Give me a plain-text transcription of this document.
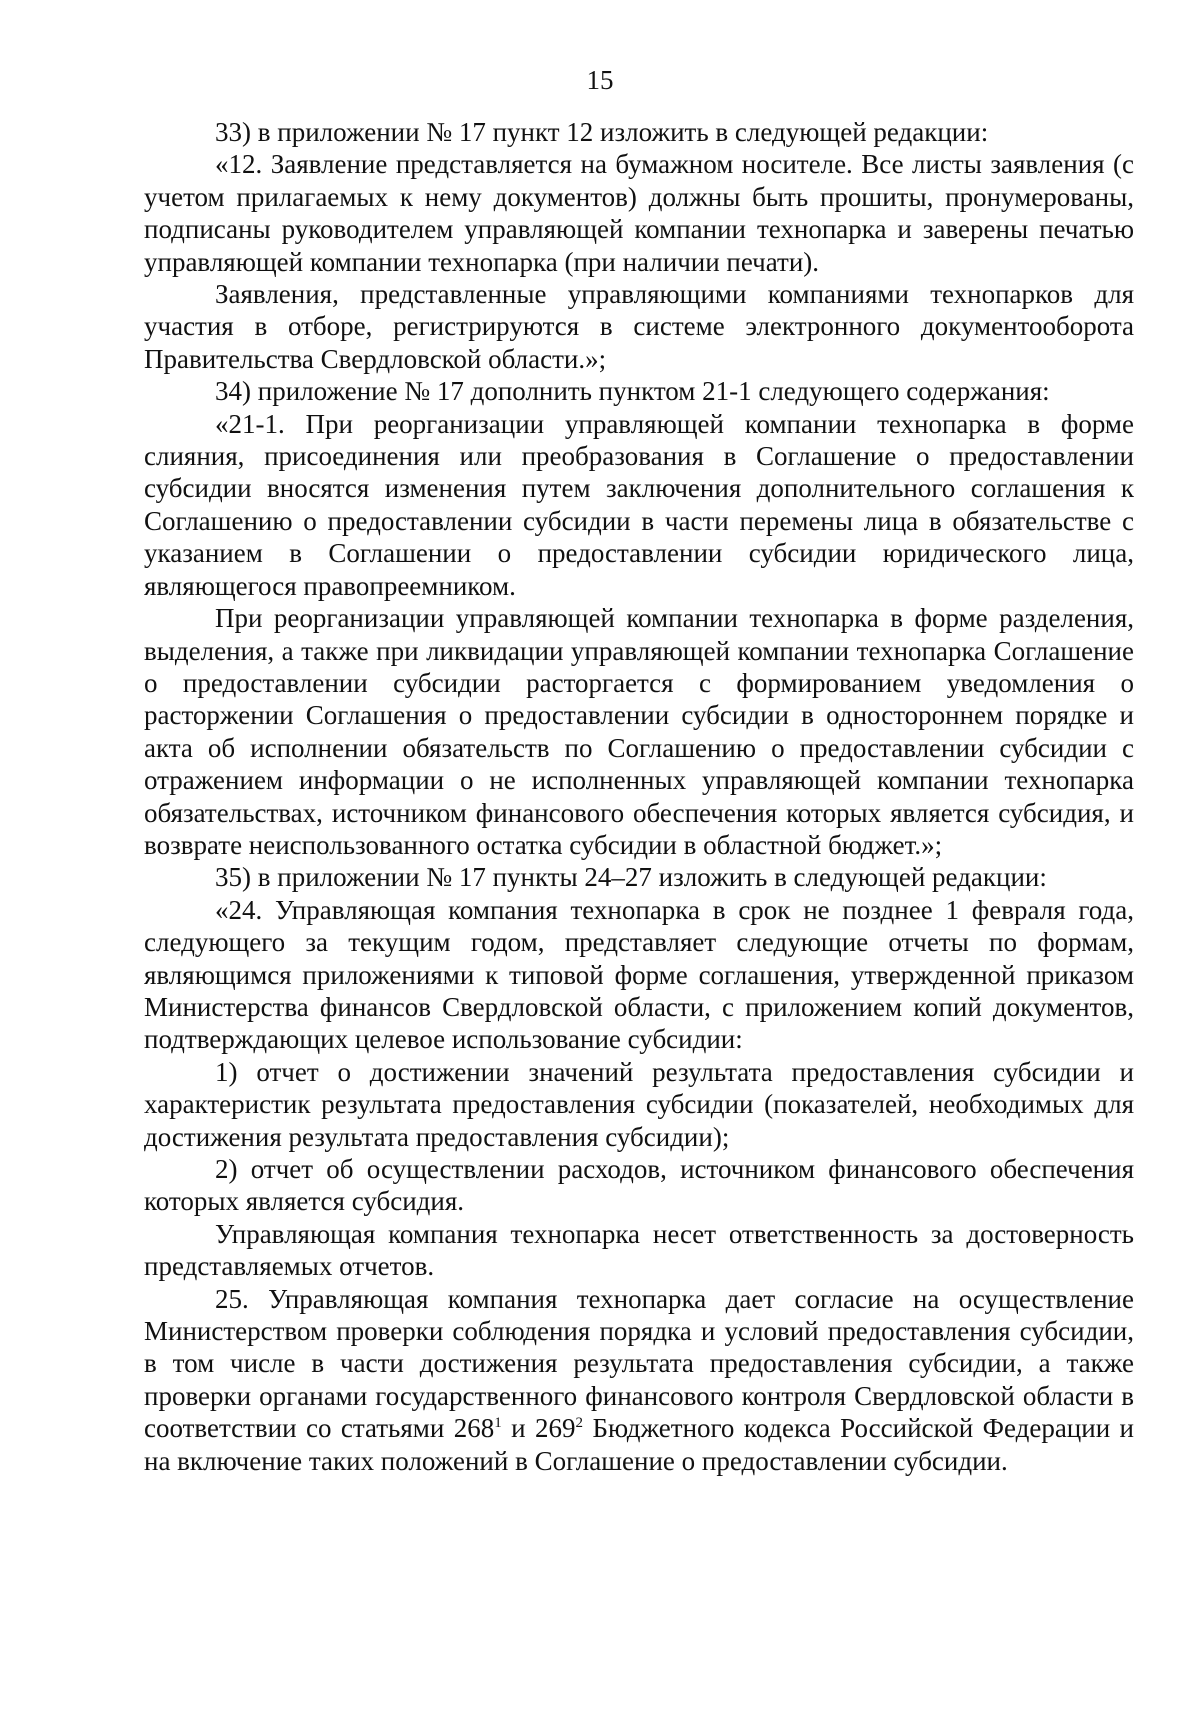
15

33) в приложении № 17 пункт 12 изложить в следующей редакции:

«12. Заявление представляется на бумажном носителе. Все листы заявления (с учетом прилагаемых к нему документов) должны быть прошиты, пронумерованы, подписаны руководителем управляющей компании технопарка и заверены печатью управляющей компании технопарка (при наличии печати).

Заявления, представленные управляющими компаниями технопарков для участия в отборе, регистрируются в системе электронного документооборота Правительства Свердловской области.»;

34) приложение № 17 дополнить пунктом 21-1 следующего содержания:

«21-1. При реорганизации управляющей компании технопарка в форме слияния, присоединения или преобразования в Соглашение о предоставлении субсидии вносятся изменения путем заключения дополнительного соглашения к Соглашению о предоставлении субсидии в части перемены лица в обязательстве с указанием в Соглашении о предоставлении субсидии юридического лица, являющегося правопреемником.

При реорганизации управляющей компании технопарка в форме разделения, выделения, а также при ликвидации управляющей компании технопарка Соглашение о предоставлении субсидии расторгается с формированием уведомления о расторжении Соглашения о предоставлении субсидии в одностороннем порядке и акта об исполнении обязательств по Соглашению о предоставлении субсидии с отражением информации о не исполненных управляющей компании технопарка обязательствах, источником финансового обеспечения которых является субсидия, и возврате неиспользованного остатка субсидии в областной бюджет.»;

35) в приложении № 17 пункты 24–27 изложить в следующей редакции:

«24. Управляющая компания технопарка в срок не позднее 1 февраля года, следующего за текущим годом, представляет следующие отчеты по формам, являющимся приложениями к типовой форме соглашения, утвержденной приказом Министерства финансов Свердловской области, с приложением копий документов, подтверждающих целевое использование субсидии:

1) отчет о достижении значений результата предоставления субсидии и характеристик результата предоставления субсидии (показателей, необходимых для достижения результата предоставления субсидии);

2) отчет об осуществлении расходов, источником финансового обеспечения которых является субсидия.

Управляющая компания технопарка несет ответственность за достоверность представляемых отчетов.

25. Управляющая компания технопарка дает согласие на осуществление Министерством проверки соблюдения порядка и условий предоставления субсидии, в том числе в части достижения результата предоставления субсидии, а также проверки органами государственного финансового контроля Свердловской области в соответствии со статьями $268^1$ и $269^2$ Бюджетного кодекса Российской Федерации и на включение таких положений в Соглашение о предоставлении субсидии.
